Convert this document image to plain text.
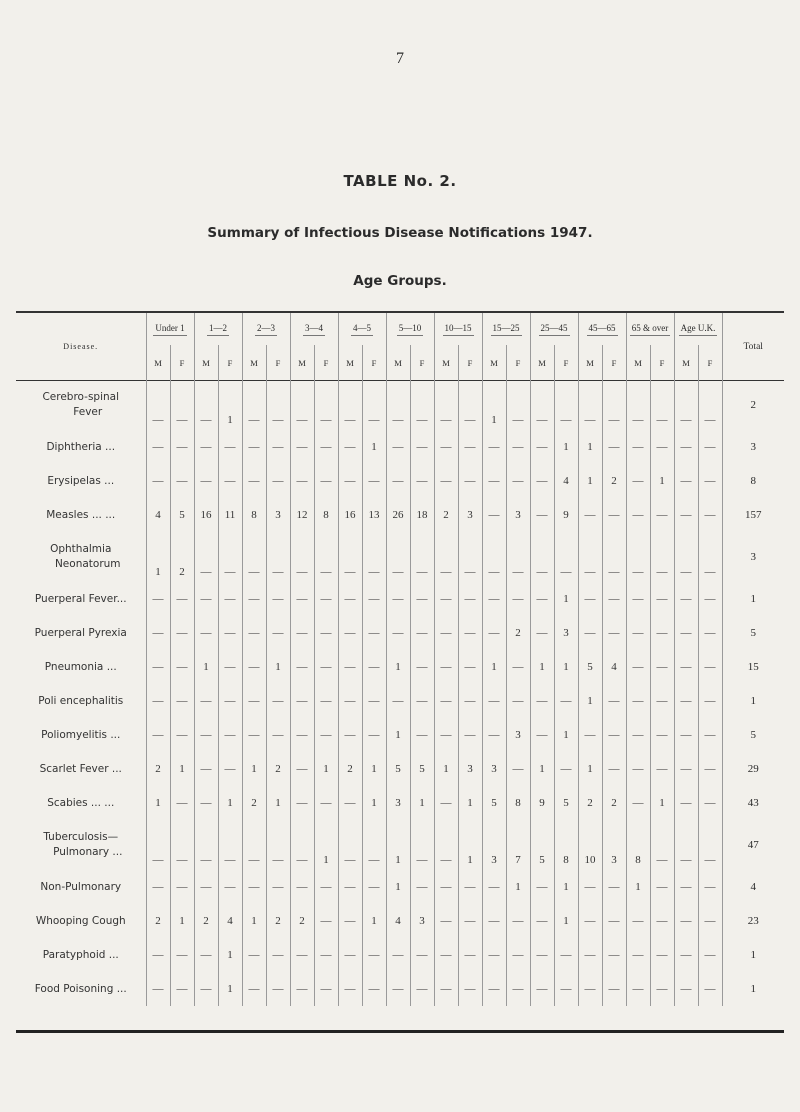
7
TABLE No. 2.
Summary of Infectious Disease Notifications 1947.
Age Groups.
Disease.	Under 1		1—2		2—3		3—4		4—5		5—10		10—15		15—25		25—45		45—65		65 & over		Age U.K.		Total
	M	F	M	F	M	F	M	F	M	F	M	F	M	F	M	F	M	F	M	F	M	F	M	F	

Cerebro-spinal
Fever	—	—	—	1	—	—	—	—	—	—	—	—	—	—	1	—	—	—	—	—	—	—	—	—	2

Diphtheria ...	—	—	—	—	—	—	—	—	—	1	—	—	—	—	—	—	—	1	1	—	—	—	—	—	3

Erysipelas ...	—	—	—	—	—	—	—	—	—	—	—	—	—	—	—	—	—	4	1	2	—	1	—	—	8

Measles ... ...	4	5	16	11	8	3	12	8	16	13	26	18	2	3	—	3	—	9	—	—	—	—	—	—	157

Ophthalmia
Neonatorum	1	2	—	—	—	—	—	—	—	—	—	—	—	—	—	—	—	—	—	—	—	—	—	—	3

Puerperal Fever...	—	—	—	—	—	—	—	—	—	—	—	—	—	—	—	—	—	1	—	—	—	—	—	—	1

Puerperal Pyrexia	—	—	—	—	—	—	—	—	—	—	—	—	—	—	—	2	—	3	—	—	—	—	—	—	5

Pneumonia ...	—	—	1	—	—	1	—	—	—	—	1	—	—	—	1	—	1	1	5	4	—	—	—	—	15

Poli encephalitis	—	—	—	—	—	—	—	—	—	—	—	—	—	—	—	—	—	—	1	—	—	—	—	—	1

Poliomyelitis ...	—	—	—	—	—	—	—	—	—	—	1	—	—	—	—	3	—	1	—	—	—	—	—	—	5

Scarlet Fever ...	2	1	—	—	1	2	—	1	2	1	5	5	1	3	3	—	1	—	1	—	—	—	—	—	29

Scabies ... ...	1	—	—	1	2	1	—	—	—	1	3	1	—	1	5	8	9	5	2	2	—	1	—	—	43

Tuberculosis—
Pulmonary ...	—	—	—	—	—	—	—	1	—	—	1	—	—	1	3	7	5	8	10	3	8	—	—	—	47

Non-Pulmonary	—	—	—	—	—	—	—	—	—	—	1	—	—	—	—	1	—	1	—	—	1	—	—	—	4

Whooping Cough	2	1	2	4	1	2	2	—	—	1	4	3	—	—	—	—	—	1	—	—	—	—	—	—	23

Paratyphoid ...	—	—	—	1	—	—	—	—	—	—	—	—	—	—	—	—	—	—	—	—	—	—	—	—	1

Food Poisoning ...	—	—	—	1	—	—	—	—	—	—	—	—	—	—	—	—	—	—	—	—	—	—	—	—	1
